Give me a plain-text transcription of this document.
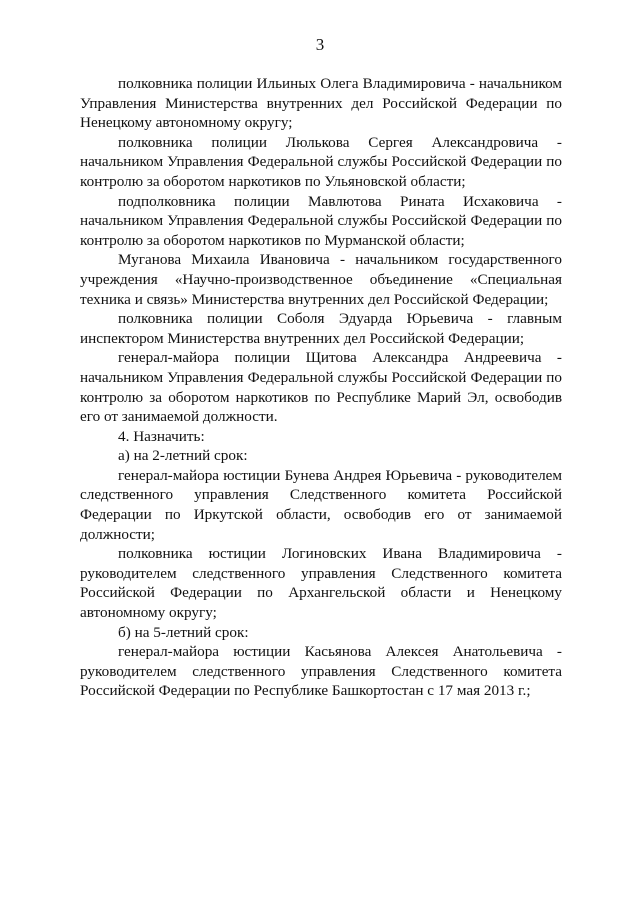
3

полковника полиции Ильиных Олега Владимировича - начальником Управления Министерства внутренних дел Российской Федерации по Ненецкому автономному округу;

полковника полиции Люлькова Сергея Александровича - начальником Управления Федеральной службы Российской Федерации по контролю за оборотом наркотиков по Ульяновской области;

подполковника полиции Мавлютова Рината Исхаковича - начальником Управления Федеральной службы Российской Федерации по контролю за оборотом наркотиков по Мурманской области;

Муганова Михаила Ивановича - начальником государственного учреждения «Научно-производственное объединение «Специальная техника и связь» Министерства внутренних дел Российской Федерации;

полковника полиции Соболя Эдуарда Юрьевича - главным инспектором Министерства внутренних дел Российской Федерации;

генерал-майора полиции Щитова Александра Андреевича - начальником Управления Федеральной службы Российской Федерации по контролю за оборотом наркотиков по Республике Марий Эл, освободив его от занимаемой должности.

4. Назначить:

а) на 2-летний срок:

генерал-майора юстиции Бунева Андрея Юрьевича - руководителем следственного управления Следственного комитета Российской Федерации по Иркутской области, освободив его от занимаемой должности;

полковника юстиции Логиновских Ивана Владимировича - руководителем следственного управления Следственного комитета Российской Федерации по Архангельской области и Ненецкому автономному округу;

б) на 5-летний срок:

генерал-майора юстиции Касьянова Алексея Анатольевича - руководителем следственного управления Следственного комитета Российской Федерации по Республике Башкортостан с 17 мая 2013 г.;
